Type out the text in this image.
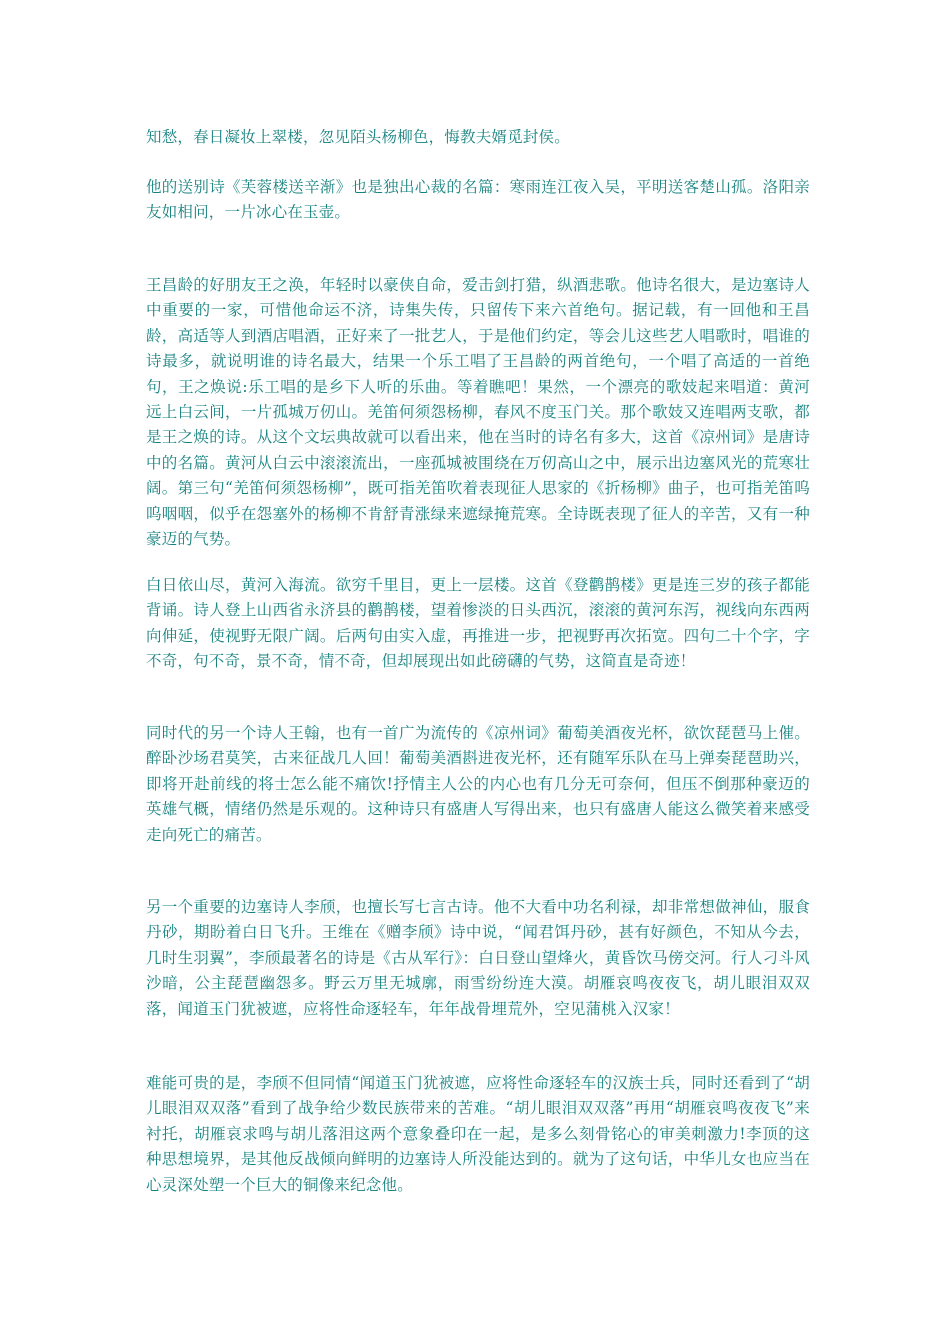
知愁，春日凝妆上翠楼，忽见陌头杨柳色，悔教夫婿觅封侯。

他的送别诗《芙蓉楼送辛渐》也是独出心裁的名篇：寒雨连江夜入吴，平明送客楚山孤。洛阳亲友如相问，一片冰心在玉壶。

王昌龄的好朋友王之涣，年轻时以豪侠自命，爱击剑打猎，纵酒悲歌。他诗名很大，是边塞诗人中重要的一家，可惜他命运不济，诗集失传，只留传下来六首绝句。据记载，有一回他和王昌龄，高适等人到酒店唱酒，正好来了一批艺人，于是他们约定，等会儿这些艺人唱歌时，唱谁的诗最多，就说明谁的诗名最大，结果一个乐工唱了王昌龄的两首绝句，一个唱了高适的一首绝句，王之焕说:乐工唱的是乡下人听的乐曲。等着瞧吧！果然，一个漂亮的歌妓起来唱道：黄河远上白云间，一片孤城万仞山。羌笛何须怨杨柳，春风不度玉门关。那个歌妓又连唱两支歌，都是王之焕的诗。从这个文坛典故就可以看出来，他在当时的诗名有多大，这首《凉州词》是唐诗中的名篇。黄河从白云中滚滚流出，一座孤城被围绕在万仞高山之中，展示出边塞风光的荒寒壮阔。第三句“羌笛何须怨杨柳”，既可指羌笛吹着表现征人思家的《折杨柳》曲子，也可指羌笛呜呜咽咽，似乎在怨塞外的杨柳不肯舒青涨绿来遮绿掩荒寒。全诗既表现了征人的辛苦，又有一种豪迈的气势。

白日依山尽，黄河入海流。欲穷千里目，更上一层楼。这首《登鹳鹊楼》更是连三岁的孩子都能背诵。诗人登上山西省永济县的鹳鹊楼，望着惨淡的日头西沉，滚滚的黄河东泻，视线向东西两向伸延，使视野无限广阔。后两句由实入虚，再推进一步，把视野再次拓宽。四句二十个字，字不奇，句不奇，景不奇，情不奇，但却展现出如此磅礴的气势，这简直是奇迹！

同时代的另一个诗人王翰，也有一首广为流传的《凉州词》葡萄美酒夜光杯，欲饮琵琶马上催。醉卧沙场君莫笑，古来征战几人回！葡萄美酒斟进夜光杯，还有随军乐队在马上弹奏琵琶助兴，即将开赴前线的将士怎么能不痛饮!抒情主人公的内心也有几分无可奈何，但压不倒那种豪迈的英雄气概，情绪仍然是乐观的。这种诗只有盛唐人写得出来，也只有盛唐人能这么微笑着来感受走向死亡的痛苦。

另一个重要的边塞诗人李颀，也擅长写七言古诗。他不大看中功名利禄，却非常想做神仙，服食丹砂，期盼着白日飞升。王维在《赠李颀》诗中说，“闻君饵丹砂，甚有好颜色，不知从今去，几时生羽翼”，李颀最著名的诗是《古从军行》：白日登山望烽火，黄昏饮马傍交河。行人刁斗风沙暗，公主琵琶幽怨多。野云万里无城廓，雨雪纷纷连大漠。胡雁哀鸣夜夜飞，胡儿眼泪双双落，闻道玉门犹被遮，应将性命逐轻车，年年战骨埋荒外，空见蒲桃入汉家！

难能可贵的是，李颀不但同情“闻道玉门犹被遮，应将性命逐轻车的汉族士兵，同时还看到了“胡儿眼泪双双落”看到了战争给少数民族带来的苦难。“胡儿眼泪双双落”再用“胡雁哀鸣夜夜飞”来衬托，胡雁哀求鸣与胡儿落泪这两个意象叠印在一起，是多么刻骨铭心的审美刺激力!李顶的这种思想境界，是其他反战倾向鲜明的边塞诗人所没能达到的。就为了这句话，中华儿女也应当在心灵深处塑一个巨大的铜像来纪念他。
